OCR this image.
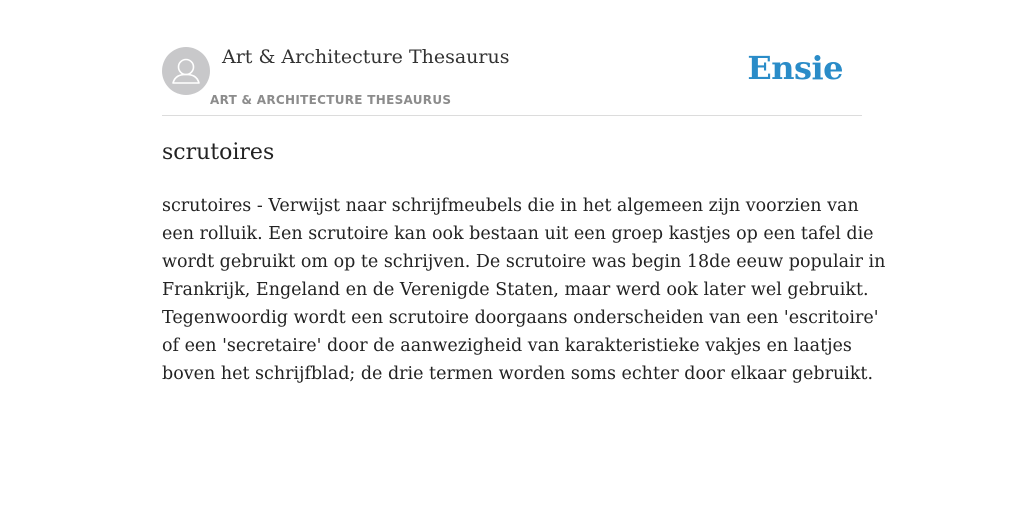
Art & Architecture Thesaurus
ART & ARCHITECTURE THESAURUS
Ensie
scrutoires
scrutoires - Verwijst naar schrijfmeubels die in het algemeen zijn voorzien van
een rolluik. Een scrutoire kan ook bestaan uit een groep kastjes op een tafel die
wordt gebruikt om op te schrijven. De scrutoire was begin 18de eeuw populair in
Frankrijk, Engeland en de Verenigde Staten, maar werd ook later wel gebruikt.
Tegenwoordig wordt een scrutoire doorgaans onderscheiden van een 'escritoire'
of een 'secretaire' door de aanwezigheid van karakteristieke vakjes en laatjes
boven het schrijfblad; de drie termen worden soms echter door elkaar gebruikt.
